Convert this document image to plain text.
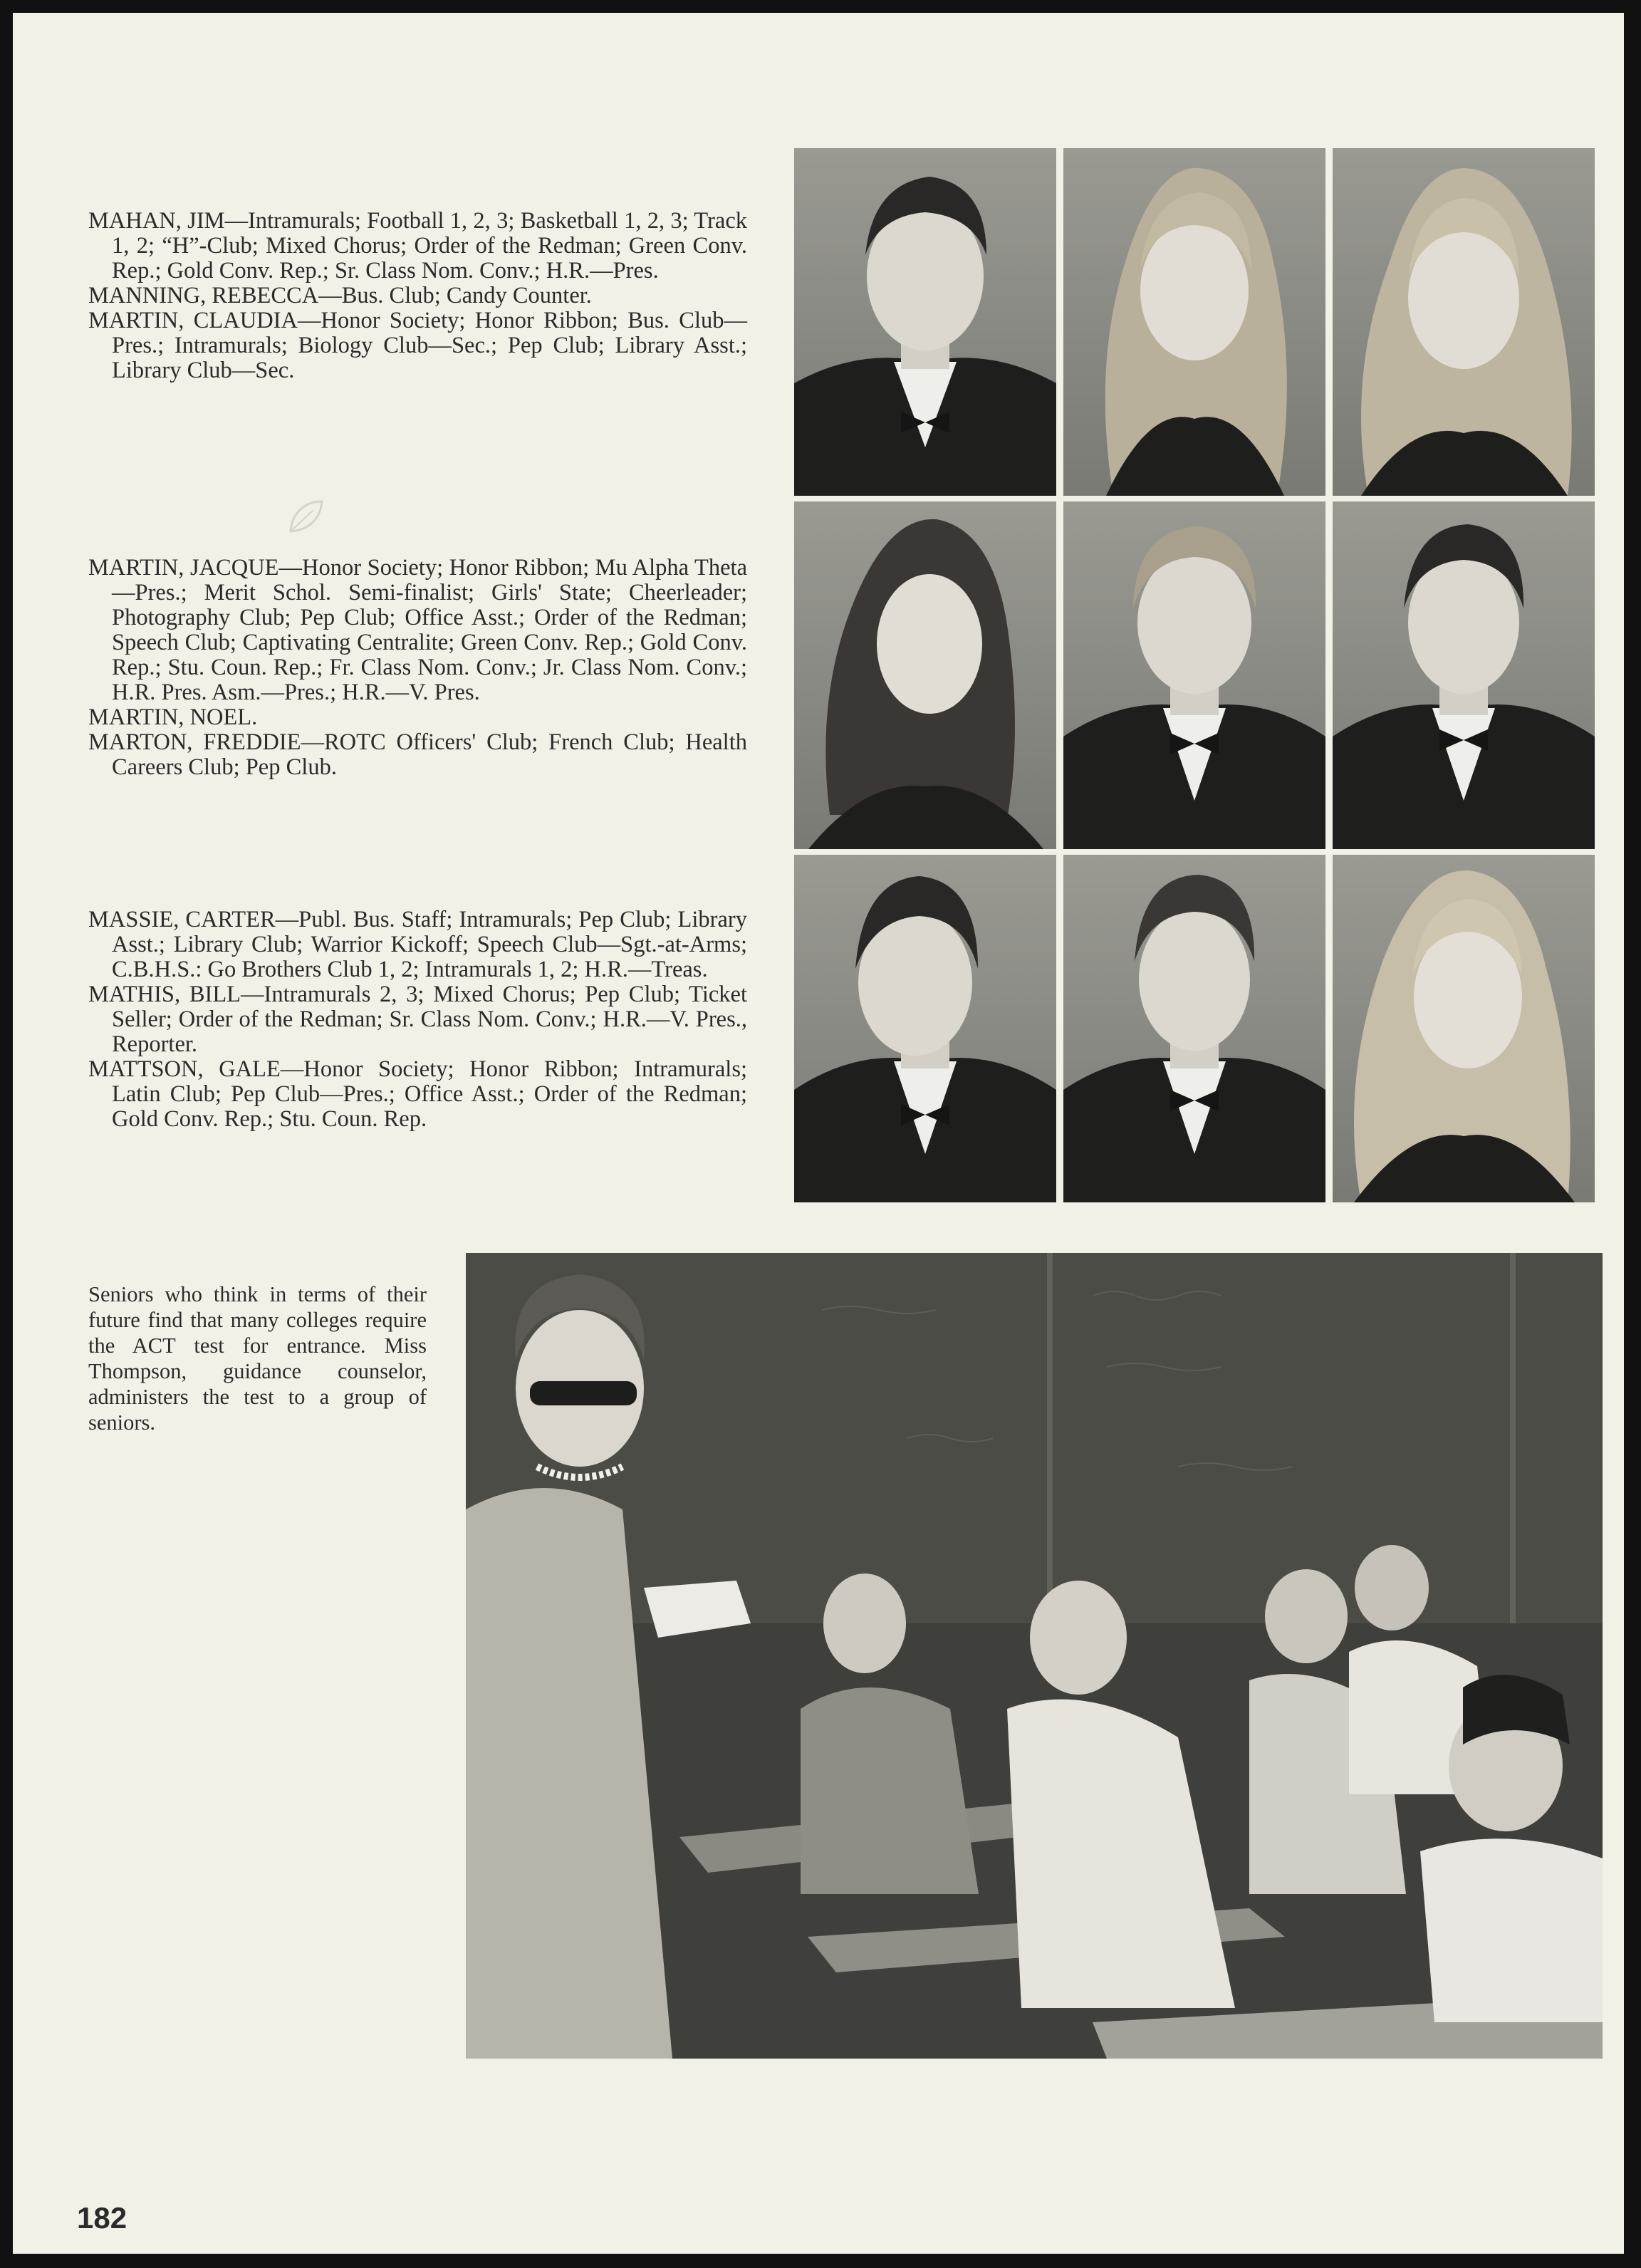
MAHAN, JIM—Intramurals; Football 1, 2, 3; Basketball 1, 2, 3; Track 1, 2; “H”-Club; Mixed Chorus; Order of the Redman; Green Conv. Rep.; Gold Conv. Rep.; Sr. Class Nom. Conv.; H.R.—Pres.

MANNING, REBECCA—Bus. Club; Candy Counter.

MARTIN, CLAUDIA—Honor Society; Honor Ribbon; Bus. Club—Pres.; Intramurals; Biology Club—Sec.; Pep Club; Library Asst.; Library Club—Sec.

MARTIN, JACQUE—Honor Society; Honor Ribbon; Mu Alpha Theta—Pres.; Merit Schol. Semi-finalist; Girls' State; Cheerleader; Photography Club; Pep Club; Office Asst.; Order of the Redman; Speech Club; Captivating Centralite; Green Conv. Rep.; Gold Conv. Rep.; Stu. Coun. Rep.; Fr. Class Nom. Conv.; Jr. Class Nom. Conv.; H.R. Pres. Asm.—Pres.; H.R.—V. Pres.

MARTIN, NOEL.

MARTON, FREDDIE—ROTC Officers' Club; French Club; Health Careers Club; Pep Club.

MASSIE, CARTER—Publ. Bus. Staff; Intramurals; Pep Club; Library Asst.; Library Club; Warrior Kickoff; Speech Club—Sgt.-at-Arms; C.B.H.S.: Go Brothers Club 1, 2; Intramurals 1, 2; H.R.—Treas.

MATHIS, BILL—Intramurals 2, 3; Mixed Chorus; Pep Club; Ticket Seller; Order of the Redman; Sr. Class Nom. Conv.; H.R.—V. Pres., Reporter.

MATTSON, GALE—Honor Society; Honor Ribbon; Intramurals; Latin Club; Pep Club—Pres.; Office Asst.; Order of the Redman; Gold Conv. Rep.; Stu. Coun. Rep.

Seniors who think in terms of their future find that many colleges require the ACT test for entrance. Miss Thompson, guidance counselor, administers the test to a group of seniors.

182
